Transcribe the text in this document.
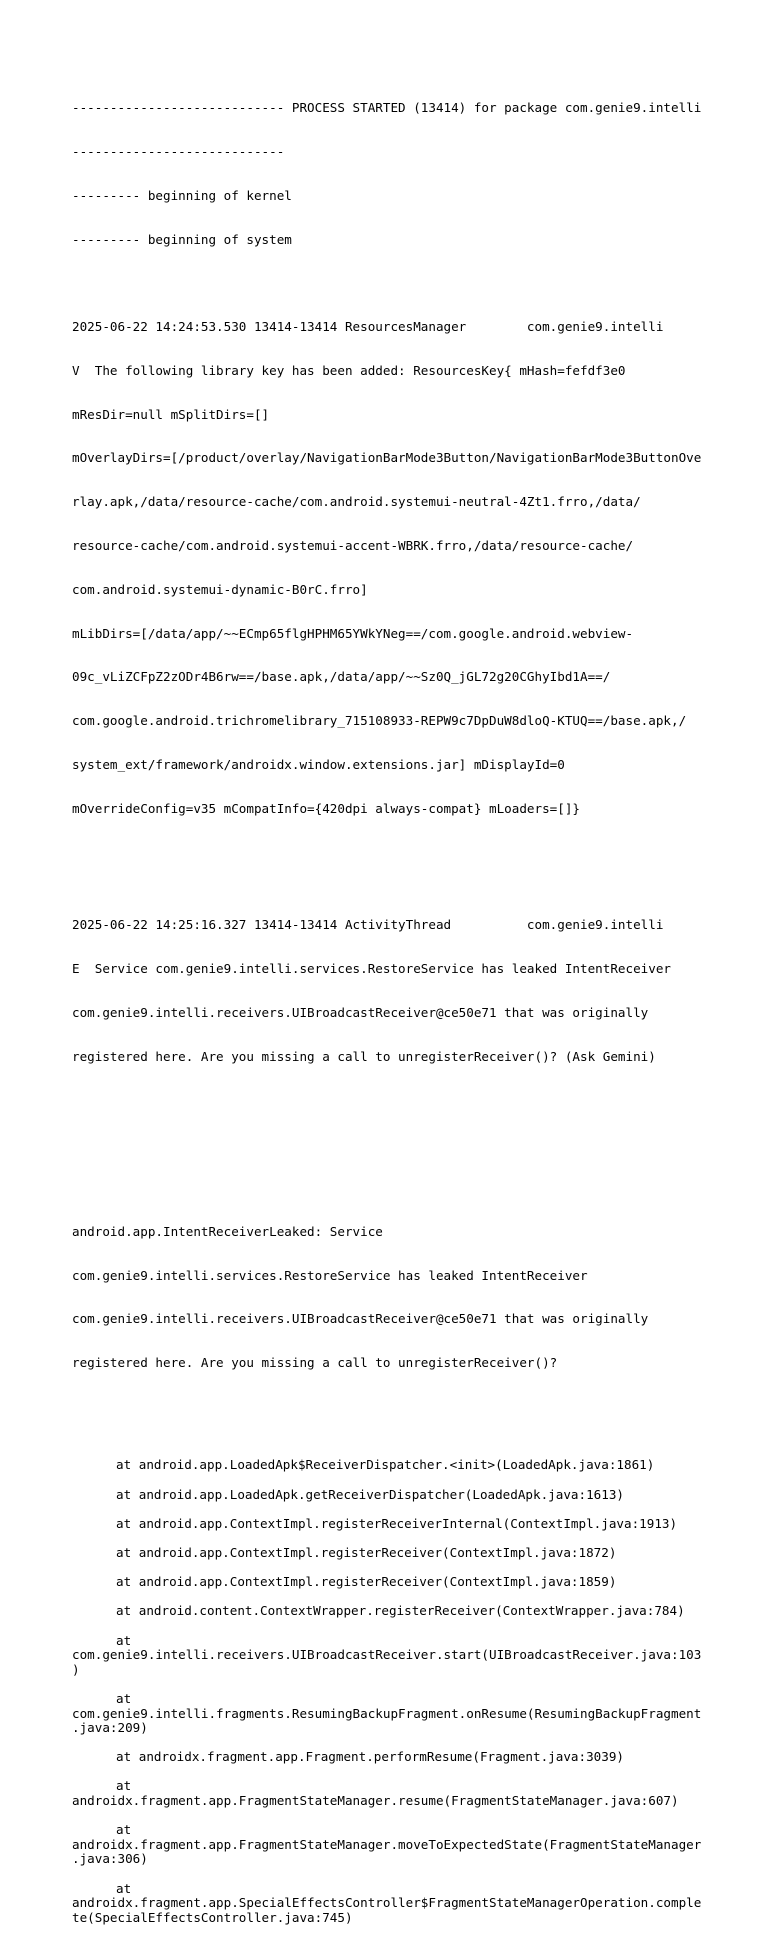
---------------------------- PROCESS STARTED (13414) for package com.genie9.intelli

----------------------------

--------- beginning of kernel

--------- beginning of system

2025-06-22 14:24:53.530 13414-13414 ResourcesManager        com.genie9.intelli

V  The following library key has been added: ResourcesKey{ mHash=fefdf3e0

mResDir=null mSplitDirs=[]

mOverlayDirs=[/product/overlay/NavigationBarMode3Button/NavigationBarMode3ButtonOve

rlay.apk,/data/resource-cache/com.android.systemui-neutral-4Zt1.frro,/data/

resource-cache/com.android.systemui-accent-WBRK.frro,/data/resource-cache/

com.android.systemui-dynamic-B0rC.frro]

mLibDirs=[/data/app/~~ECmp65flgHPHM65YWkYNeg==/com.google.android.webview-

09c_vLiZCFpZ2zODr4B6rw==/base.apk,/data/app/~~Sz0Q_jGL72g20CGhyIbd1A==/

com.google.android.trichromelibrary_715108933-REPW9c7DpDuW8dloQ-KTUQ==/base.apk,/

system_ext/framework/androidx.window.extensions.jar] mDisplayId=0

mOverrideConfig=v35 mCompatInfo={420dpi always-compat} mLoaders=[]}

2025-06-22 14:25:16.327 13414-13414 ActivityThread          com.genie9.intelli

E  Service com.genie9.intelli.services.RestoreService has leaked IntentReceiver

com.genie9.intelli.receivers.UIBroadcastReceiver@ce50e71 that was originally

registered here. Are you missing a call to unregisterReceiver()? (Ask Gemini)

android.app.IntentReceiverLeaked: Service

com.genie9.intelli.services.RestoreService has leaked IntentReceiver

com.genie9.intelli.receivers.UIBroadcastReceiver@ce50e71 that was originally

registered here. Are you missing a call to unregisterReceiver()?

at android.app.LoadedApk$ReceiverDispatcher.<init>(LoadedApk.java:1861)

at android.app.LoadedApk.getReceiverDispatcher(LoadedApk.java:1613)

at android.app.ContextImpl.registerReceiverInternal(ContextImpl.java:1913)

at android.app.ContextImpl.registerReceiver(ContextImpl.java:1872)

at android.app.ContextImpl.registerReceiver(ContextImpl.java:1859)

at android.content.ContextWrapper.registerReceiver(ContextWrapper.java:784)

at
com.genie9.intelli.receivers.UIBroadcastReceiver.start(UIBroadcastReceiver.java:103
)

at
com.genie9.intelli.fragments.ResumingBackupFragment.onResume(ResumingBackupFragment
.java:209)

at androidx.fragment.app.Fragment.performResume(Fragment.java:3039)

at
androidx.fragment.app.FragmentStateManager.resume(FragmentStateManager.java:607)

at
androidx.fragment.app.FragmentStateManager.moveToExpectedState(FragmentStateManager
.java:306)

at
androidx.fragment.app.SpecialEffectsController$FragmentStateManagerOperation.comple
te(SpecialEffectsController.java:745)
